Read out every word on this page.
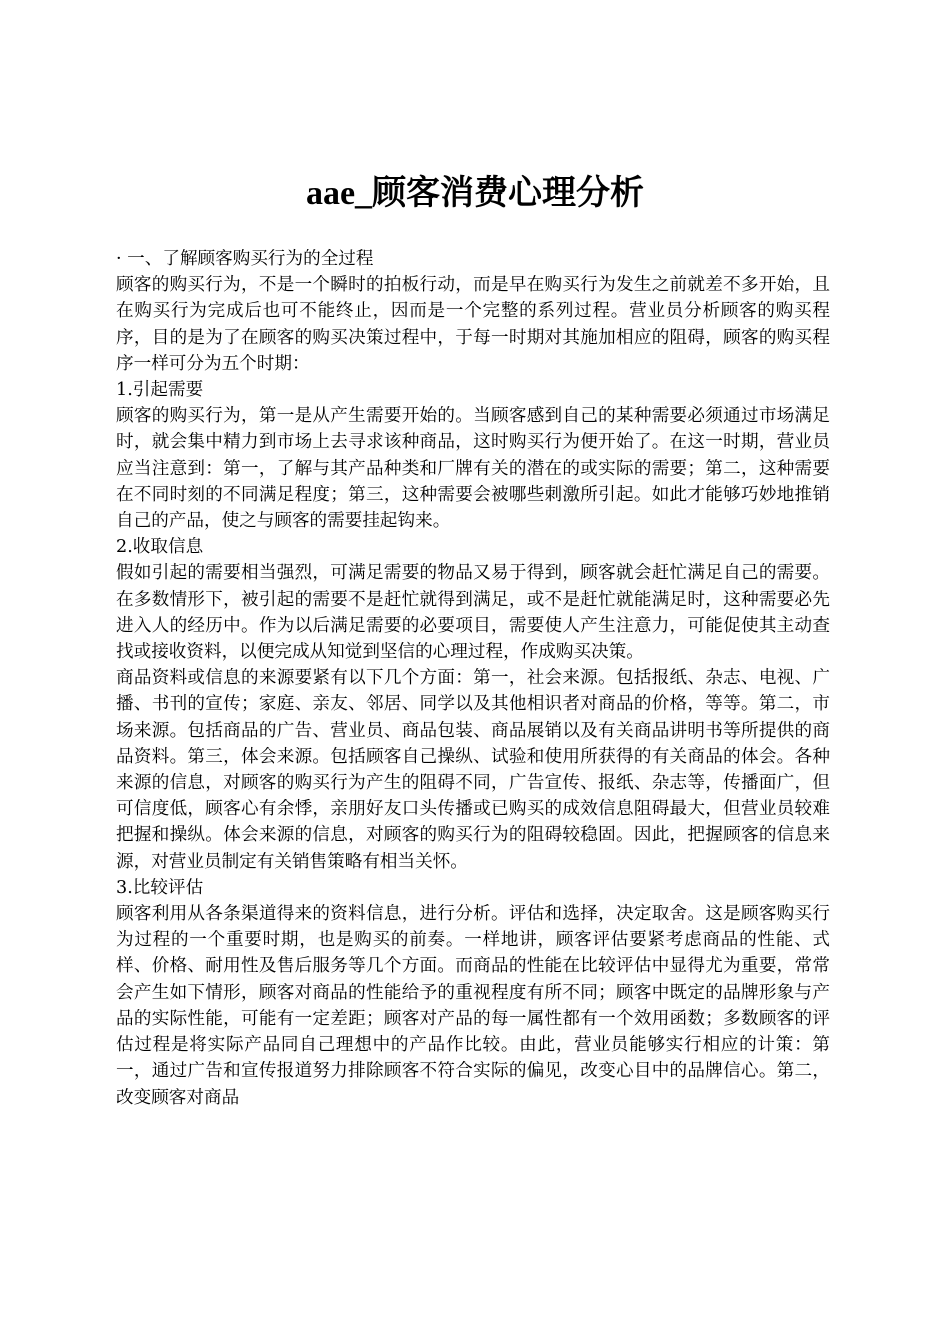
aae_顾客消费心理分析

· 一、了解顾客购买行为的全过程

顾客的购买行为，不是一个瞬时的拍板行动，而是早在购买行为发生之前就差不多开始，且在购买行为完成后也可不能终止，因而是一个完整的系列过程。营业员分析顾客的购买程序，目的是为了在顾客的购买决策过程中，于每一时期对其施加相应的阻碍，顾客的购买程序一样可分为五个时期：

1.引起需要

顾客的购买行为，第一是从产生需要开始的。当顾客感到自己的某种需要必须通过市场满足时，就会集中精力到市场上去寻求该种商品，这时购买行为便开始了。在这一时期，营业员应当注意到：第一，了解与其产品种类和厂牌有关的潜在的或实际的需要；第二，这种需要在不同时刻的不同满足程度；第三，这种需要会被哪些刺激所引起。如此才能够巧妙地推销自己的产品，使之与顾客的需要挂起钩来。

2.收取信息

假如引起的需要相当强烈，可满足需要的物品又易于得到，顾客就会赶忙满足自己的需要。在多数情形下，被引起的需要不是赶忙就得到满足，或不是赶忙就能满足时，这种需要必先进入人的经历中。作为以后满足需要的必要项目，需要使人产生注意力，可能促使其主动查找或接收资料，以便完成从知觉到坚信的心理过程，作成购买决策。

商品资料或信息的来源要紧有以下几个方面：第一，社会来源。包括报纸、杂志、电视、广播、书刊的宣传；家庭、亲友、邻居、同学以及其他相识者对商品的价格，等等。第二，市场来源。包括商品的广告、营业员、商品包装、商品展销以及有关商品讲明书等所提供的商品资料。第三，体会来源。包括顾客自己操纵、试验和使用所获得的有关商品的体会。各种来源的信息，对顾客的购买行为产生的阻碍不同，广告宣传、报纸、杂志等，传播面广，但可信度低，顾客心有余悸，亲朋好友口头传播或已购买的成效信息阻碍最大，但营业员较难把握和操纵。体会来源的信息，对顾客的购买行为的阻碍较稳固。因此，把握顾客的信息来源，对营业员制定有关销售策略有相当关怀。

3.比较评估

顾客利用从各条渠道得来的资料信息，进行分析。评估和选择，决定取舍。这是顾客购买行为过程的一个重要时期，也是购买的前奏。一样地讲，顾客评估要紧考虑商品的性能、式样、价格、耐用性及售后服务等几个方面。而商品的性能在比较评估中显得尤为重要，常常会产生如下情形，顾客对商品的性能给予的重视程度有所不同；顾客中既定的品牌形象与产品的实际性能，可能有一定差距；顾客对产品的每一属性都有一个效用函数；多数顾客的评估过程是将实际产品同自己理想中的产品作比较。由此，营业员能够实行相应的计策：第一，通过广告和宣传报道努力排除顾客不符合实际的偏见，改变心目中的品牌信心。第二，改变顾客对商品
